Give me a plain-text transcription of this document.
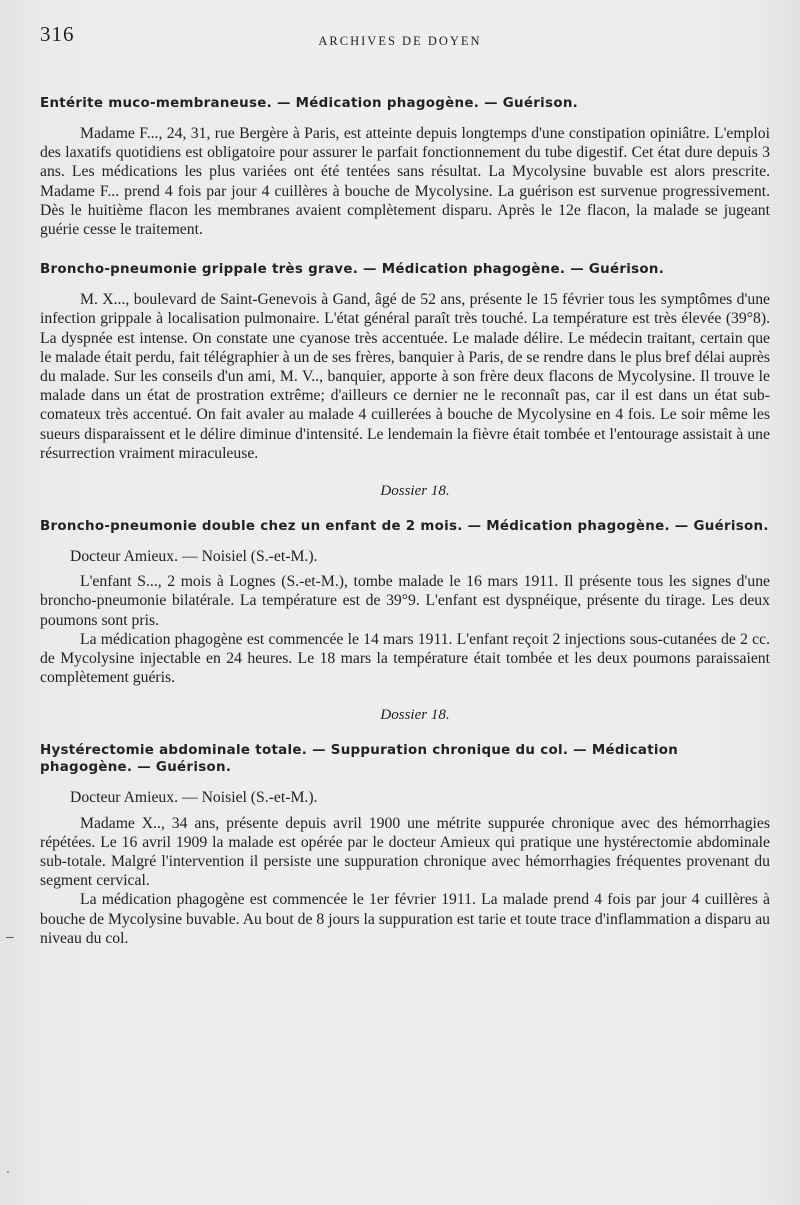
316	ARCHIVES DE DOYEN
Entérite muco-membraneuse. — Médication phagogène. — Guérison.

Madame F..., 24, 31, rue Bergère à Paris, est atteinte depuis longtemps d'une constipation opiniâtre. L'emploi des laxatifs quotidiens est obligatoire pour assurer le parfait fonctionnement du tube digestif. Cet état dure depuis 3 ans. Les médications les plus variées ont été tentées sans résultat. La Mycolysine buvable est alors prescrite. Madame F... prend 4 fois par jour 4 cuillères à bouche de Mycolysine. La guérison est survenue progressivement. Dès le huitième flacon les membranes avaient complètement disparu. Après le 12e flacon, la malade se jugeant guérie cesse le traitement.

Broncho-pneumonie grippale très grave. — Médication phagogène. — Guérison.

M. X..., boulevard de Saint-Genevois à Gand, âgé de 52 ans, présente le 15 février tous les symptômes d'une infection grippale à localisation pulmonaire. L'état général paraît très touché. La température est très élevée (39°8). La dyspnée est intense. On constate une cyanose très accentuée. Le malade délire. Le médecin traitant, certain que le malade était perdu, fait télégraphier à un de ses frères, banquier à Paris, de se rendre dans le plus bref délai auprès du malade. Sur les conseils d'un ami, M. V.., banquier, apporte à son frère deux flacons de Mycolysine. Il trouve le malade dans un état de prostration extrême; d'ailleurs ce dernier ne le reconnaît pas, car il est dans un état sub-comateux très accentué. On fait avaler au malade 4 cuillerées à bouche de Mycolysine en 4 fois. Le soir même les sueurs disparaissent et le délire diminue d'intensité. Le lendemain la fièvre était tombée et l'entourage assistait à une résurrection vraiment miraculeuse.

Dossier 18.
Broncho-pneumonie double chez un enfant de 2 mois. — Médication phagogène. — Guérison.
Docteur Amieux. — Noisiel (S.-et-M.).

L'enfant S..., 2 mois à Lognes (S.-et-M.), tombe malade le 16 mars 1911. Il présente tous les signes d'une broncho-pneumonie bilatérale. La température est de 39°9. L'enfant est dyspnéique, présente du tirage. Les deux poumons sont pris.

La médication phagogène est commencée le 14 mars 1911. L'enfant reçoit 2 injections sous-cutanées de 2 cc. de Mycolysine injectable en 24 heures. Le 18 mars la température était tombée et les deux poumons paraissaient complètement guéris.

Dossier 18.
Hystérectomie abdominale totale. — Suppuration chronique du col. — Médication phagogène. — Guérison.
Docteur Amieux. — Noisiel (S.-et-M.).

Madame X.., 34 ans, présente depuis avril 1900 une métrite suppurée chronique avec des hémorrhagies répétées. Le 16 avril 1909 la malade est opérée par le docteur Amieux qui pratique une hystérectomie abdominale sub-totale. Malgré l'intervention il persiste une suppuration chronique avec hémorrhagies fréquentes provenant du segment cervical.

La médication phagogène est commencée le 1er février 1911. La malade prend 4 fois par jour 4 cuillères à bouche de Mycolysine buvable. Au bout de 8 jours la suppuration est tarie et toute trace d'inflammation a disparu au niveau du col.

–
.
